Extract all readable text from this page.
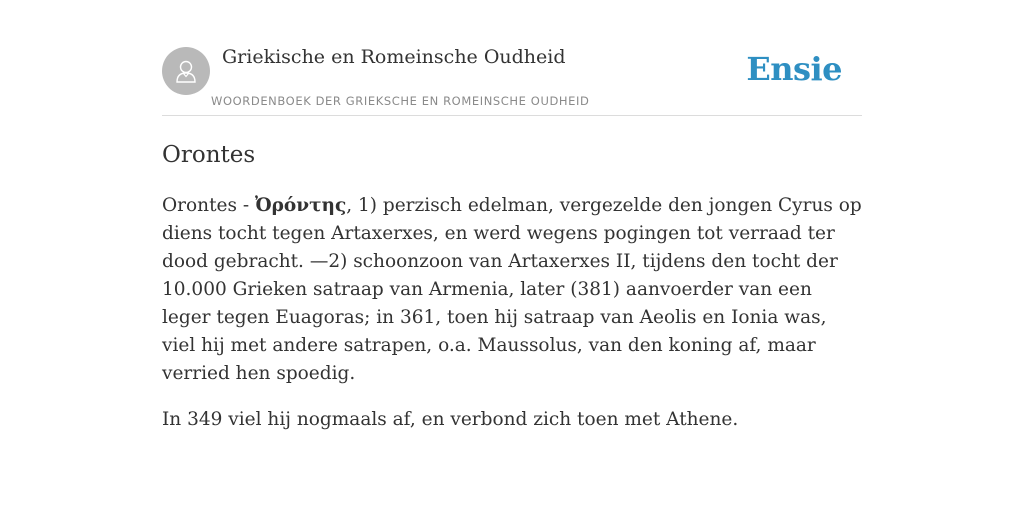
Griekische en Romeinsche Oudheid
WOORDENBOEK DER GRIEKSCHE EN ROMEINSCHE OUDHEID
Ensie
Orontes

Orontes - Ὀρόντης, 1) perzisch edelman, vergezelde den jongen Cyrus op diens tocht tegen Artaxerxes, en werd wegens pogingen tot verraad ter dood gebracht. —2) schoonzoon van Artaxerxes II, tijdens den tocht der 10.000 Grieken satraap van Armenia, later (381) aanvoerder van een leger tegen Euagoras; in 361, toen hij satraap van Aeolis en Ionia was, viel hij met andere satrapen, o.a. Maussolus, van den koning af, maar verried hen spoedig.

In 349 viel hij nogmaals af, en verbond zich toen met Athene.
